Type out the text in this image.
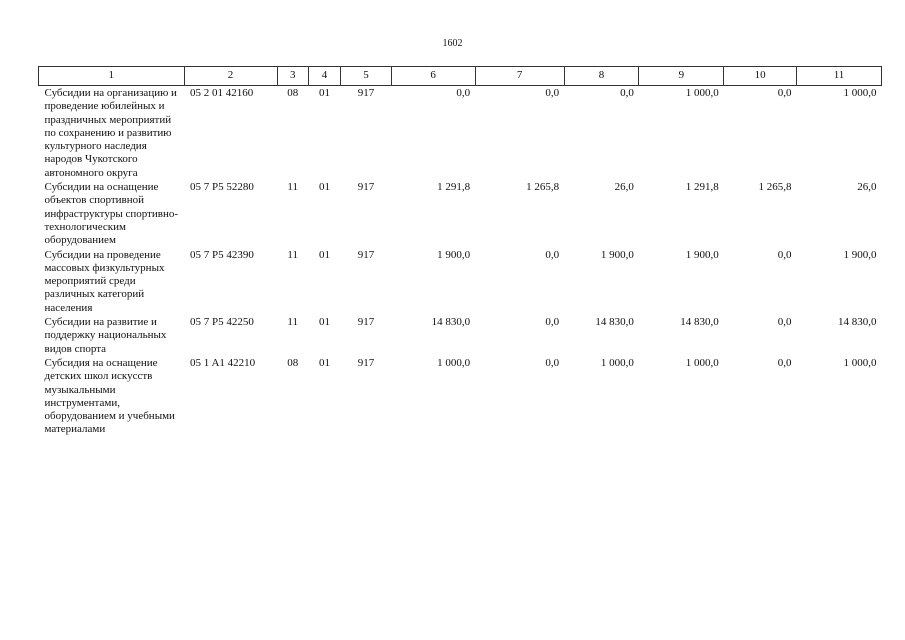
1602
1	2	3	4	5	6	7	8	9	10	11
Субсидии на организацию и проведение юбилейных и праздничных мероприятий по сохранению и развитию культурного наследия народов Чукотского автономного округа	05 2 01 42160	08	01	917	0,0	0,0	0,0	1 000,0	0,0	1 000,0
Субсидии на оснащение объектов спортивной инфраструктуры спортивно-технологическим оборудованием	05 7 P5 52280	11	01	917	1 291,8	1 265,8	26,0	1 291,8	1 265,8	26,0
Субсидии на проведение массовых физкультурных мероприятий среди различных категорий населения	05 7 P5 42390	11	01	917	1 900,0	0,0	1 900,0	1 900,0	0,0	1 900,0
Субсидии на развитие и поддержку национальных видов спорта	05 7 P5 42250	11	01	917	14 830,0	0,0	14 830,0	14 830,0	0,0	14 830,0
Субсидия на оснащение детских школ искусств музыкальными инструментами, оборудованием и учебными материалами	05 1 A1 42210	08	01	917	1 000,0	0,0	1 000,0	1 000,0	0,0	1 000,0
